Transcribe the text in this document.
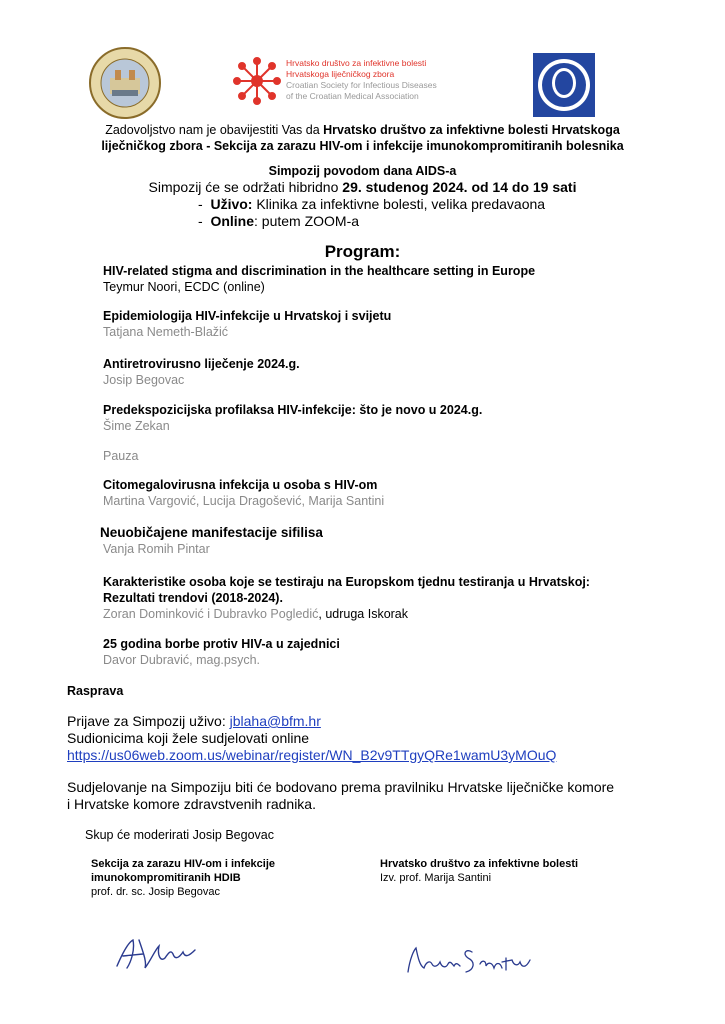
Hrvatsko društvo za infektivne bolesti
Hrvatskoga liječničkog zbora
Croatian Society for Infectious Diseases
of the Croatian Medical Association
Zadovoljstvo nam je obavijestiti Vas da Hrvatsko društvo za infektivne bolesti Hrvatskoga
liječničkog zbora - Sekcija za zarazu HIV-om i infekcije imunokompromitiranih bolesnika
Simpozij povodom dana AIDS-a
Simpozij će se održati hibridno 29. studenog 2024. od 14 do 19 sati
-  Uživo: Klinika za infektivne bolesti, velika predavaona
-  Online: putem ZOOM-a
Program:
HIV-related stigma and discrimination in the healthcare setting in Europe
Teymur Noori, ECDC (online)
Epidemiologija HIV-infekcije u Hrvatskoj i svijetu
Tatjana Nemeth-Blažić
Antiretrovirusno liječenje 2024.g.
Josip Begovac
Predekspozicijska profilaksa HIV-infekcije: što je novo u 2024.g.
Šime Zekan
Pauza
Citomegalovirusna infekcija u osoba s HIV-om
Martina Vargović, Lucija Dragošević, Marija Santini
Neuobičajene manifestacije sifilisa
Vanja Romih Pintar
Karakteristike osoba koje se testiraju na Europskom tjednu testiranja u Hrvatskoj:
Rezultati trendovi (2018-2024).
Zoran Dominković i Dubravko Pogledić, udruga Iskorak
25 godina borbe protiv HIV-a u zajednici
Davor Dubravić, mag.psych.
Rasprava
Prijave za Simpozij uživo: jblaha@bfm.hr
Sudionicima koji žele sudjelovati online
https://us06web.zoom.us/webinar/register/WN_B2v9TTgyQRe1wamU3yMOuQ
Sudjelovanje na Simpoziju biti će bodovano prema pravilniku Hrvatske liječničke komore
i Hrvatske komore zdravstvenih radnika.
Skup će moderirati Josip Begovac
Sekcija za zarazu HIV-om i infekcije
imunokompromitiranih HDIB
prof. dr. sc. Josip Begovac
Hrvatsko društvo za infektivne bolesti
Izv. prof. Marija Santini
